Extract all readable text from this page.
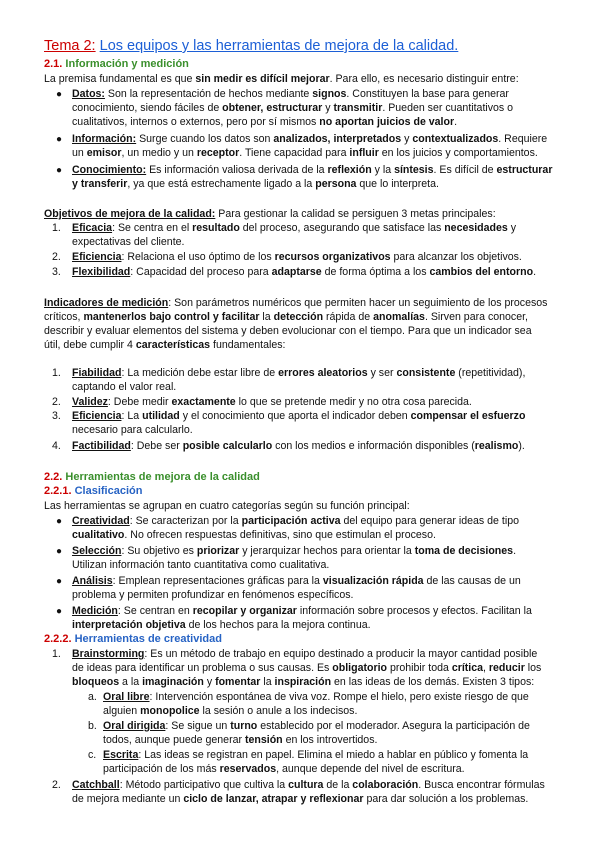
Tema 2: Los equipos y las herramientas de mejora de la calidad.
2.1. Información y medición
La premisa fundamental es que sin medir es difícil mejorar. Para ello, es necesario distinguir entre:
● Datos: Son la representación de hechos mediante signos. Constituyen la base para generar
conocimiento, siendo fáciles de obtener, estructurar y transmitir. Pueden ser cuantitativos o
cualitativos, internos o externos, pero por sí mismos no aportan juicios de valor.
● Información: Surge cuando los datos son analizados, interpretados y contextualizados. Requiere
un emisor, un medio y un receptor. Tiene capacidad para influir en los juicios y comportamientos.
● Conocimiento: Es información valiosa derivada de la reflexión y la síntesis. Es difícil de estructurar
y transferir, ya que está estrechamente ligado a la persona que lo interpreta.
Objetivos de mejora de la calidad: Para gestionar la calidad se persiguen 3 metas principales:
1. Eficacia: Se centra en el resultado del proceso, asegurando que satisface las necesidades y
expectativas del cliente.
2. Eficiencia: Relaciona el uso óptimo de los recursos organizativos para alcanzar los objetivos.
3. Flexibilidad: Capacidad del proceso para adaptarse de forma óptima a los cambios del entorno.
Indicadores de medición: Son parámetros numéricos que permiten hacer un seguimiento de los procesos
críticos, mantenerlos bajo control y facilitar la detección rápida de anomalías. Sirven para conocer,
describir y evaluar elementos del sistema y deben evolucionar con el tiempo. Para que un indicador sea
útil, debe cumplir 4 características fundamentales:
1. Fiabilidad: La medición debe estar libre de errores aleatorios y ser consistente (repetitividad),
captando el valor real.
2. Validez: Debe medir exactamente lo que se pretende medir y no otra cosa parecida.
3. Eficiencia: La utilidad y el conocimiento que aporta el indicador deben compensar el esfuerzo
necesario para calcularlo.
4. Factibilidad: Debe ser posible calcularlo con los medios e información disponibles (realismo).
2.2. Herramientas de mejora de la calidad
2.2.1. Clasificación
Las herramientas se agrupan en cuatro categorías según su función principal:
● Creatividad: Se caracterizan por la participación activa del equipo para generar ideas de tipo
cualitativo. No ofrecen respuestas definitivas, sino que estimulan el proceso.
● Selección: Su objetivo es priorizar y jerarquizar hechos para orientar la toma de decisiones.
Utilizan información tanto cuantitativa como cualitativa.
● Análisis: Emplean representaciones gráficas para la visualización rápida de las causas de un
problema y permiten profundizar en fenómenos específicos.
● Medición: Se centran en recopilar y organizar información sobre procesos y efectos. Facilitan la
interpretación objetiva de los hechos para la mejora continua.
2.2.2. Herramientas de creatividad
1. Brainstorming: Es un método de trabajo en equipo destinado a producir la mayor cantidad posible
de ideas para identificar un problema o sus causas. Es obligatorio prohibir toda crítica, reducir los
bloqueos a la imaginación y fomentar la inspiración en las ideas de los demás. Existen 3 tipos:
a. Oral libre: Intervención espontánea de viva voz. Rompe el hielo, pero existe riesgo de que
alguien monopolice la sesión o anule a los indecisos.
b. Oral dirigida: Se sigue un turno establecido por el moderador. Asegura la participación de
todos, aunque puede generar tensión en los introvertidos.
c. Escrita: Las ideas se registran en papel. Elimina el miedo a hablar en público y fomenta la
participación de los más reservados, aunque depende del nivel de escritura.
2. Catchball: Método participativo que cultiva la cultura de la colaboración. Busca encontrar fórmulas
de mejora mediante un ciclo de lanzar, atrapar y reflexionar para dar solución a los problemas.
